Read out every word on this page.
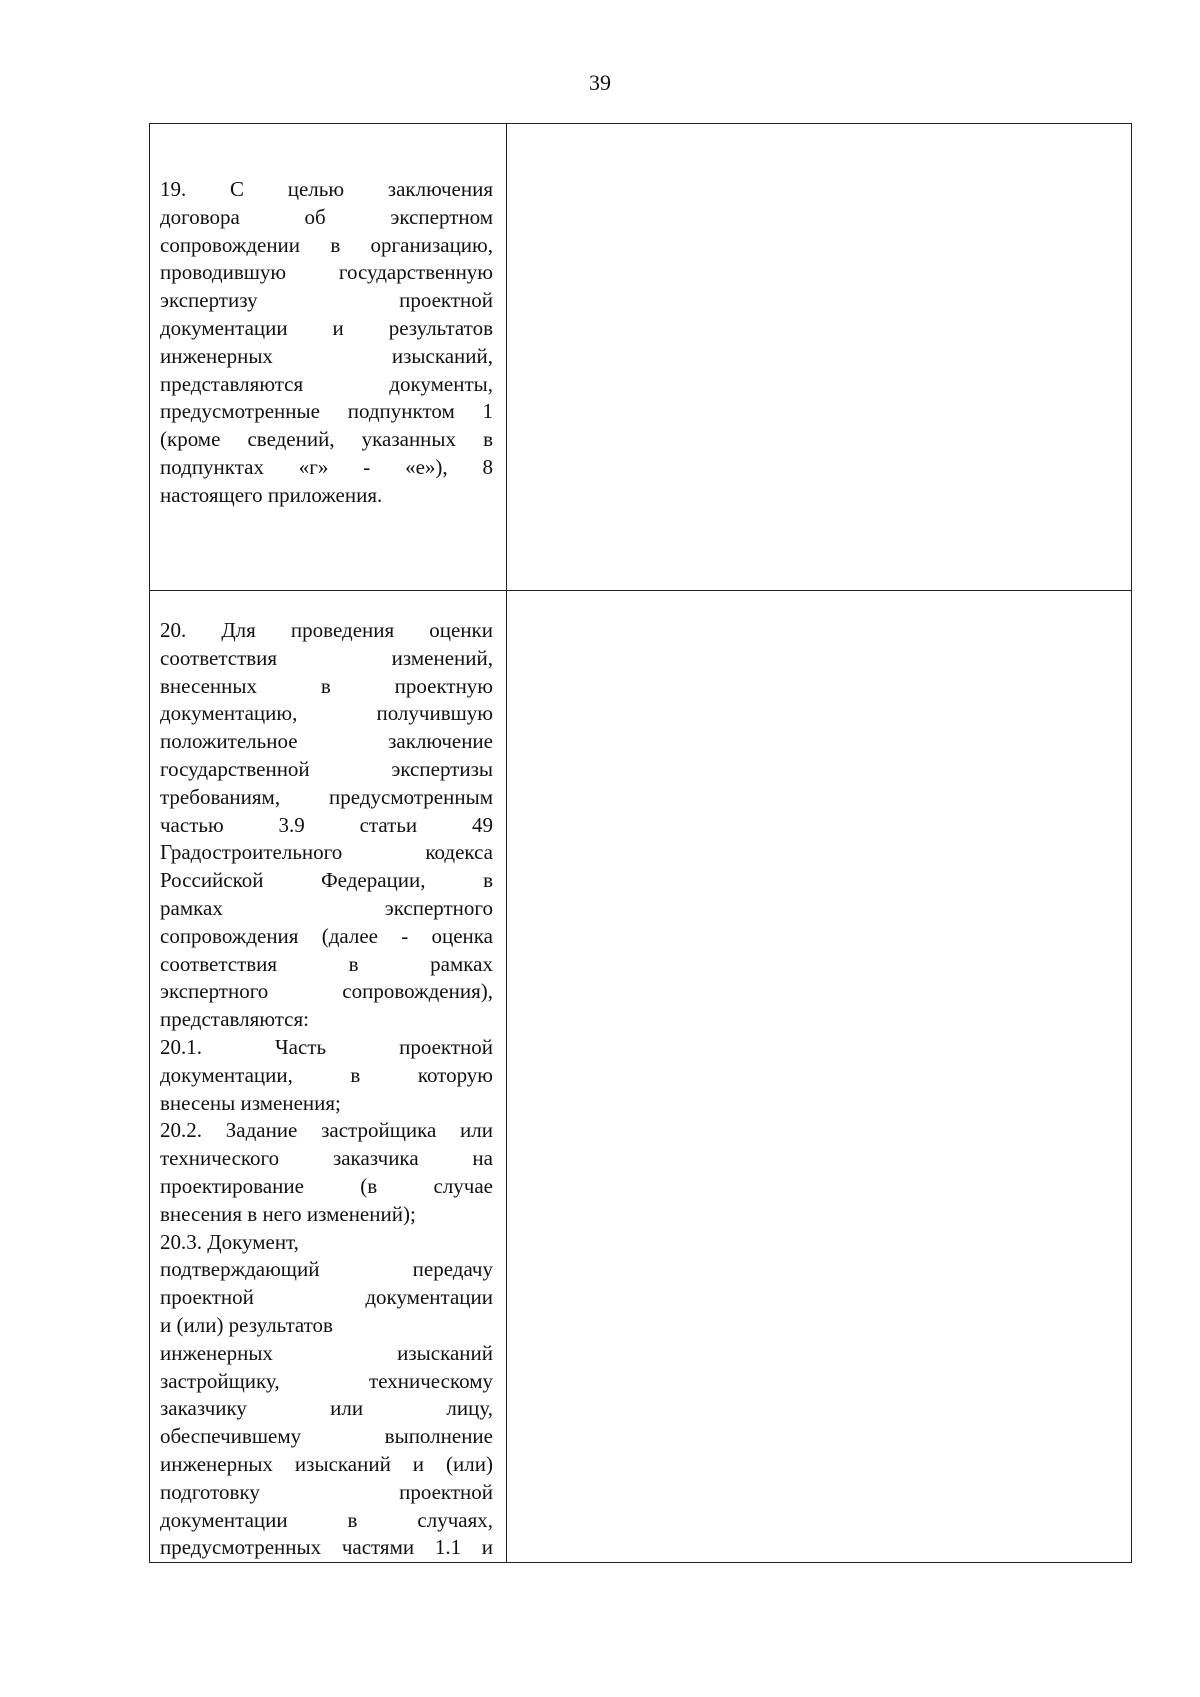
39
19. С целью заключения
договора об экспертном
сопровождении в организацию,
проводившую государственную
экспертизу проектной
документации и результатов
инженерных изысканий,
представляются документы,
предусмотренные подпунктом 1
(кроме сведений, указанных в
подпунктах «г» - «е»), 8
настоящего приложения.
20. Для проведения оценки
соответствия изменений,
внесенных в проектную
документацию, получившую
положительное заключение
государственной экспертизы
требованиям, предусмотренным
частью 3.9 статьи 49
Градостроительного кодекса
Российской Федерации, в
рамках экспертного
сопровождения (далее - оценка
соответствия в рамках
экспертного сопровождения),
представляются:
20.1. Часть проектной
документации, в которую
внесены изменения;
20.2. Задание застройщика или
технического заказчика на
проектирование (в случае
внесения в него изменений);
20.3. Документ,
подтверждающий передачу
проектной документации
и (или) результатов
инженерных изысканий
застройщику, техническому
заказчику или лицу,
обеспечившему выполнение
инженерных изысканий и (или)
подготовку проектной
документации в случаях,
предусмотренных частями 1.1 и
